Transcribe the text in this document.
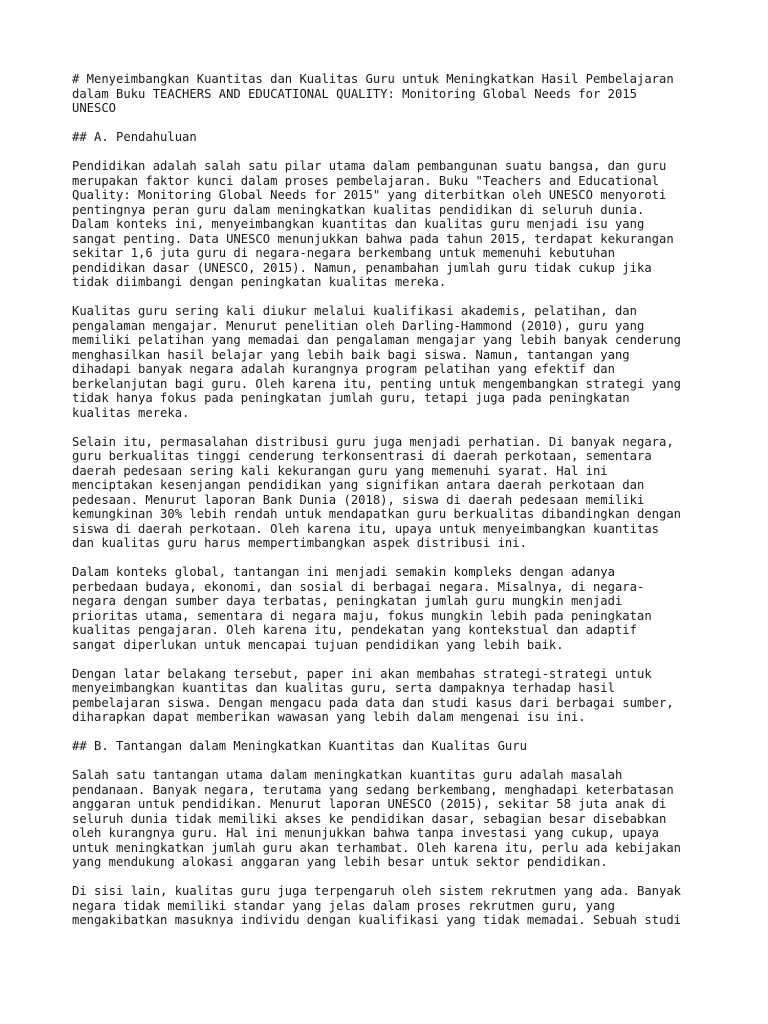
# Menyeimbangkan Kuantitas dan Kualitas Guru untuk Meningkatkan Hasil Pembelajaran
dalam Buku TEACHERS AND EDUCATIONAL QUALITY: Monitoring Global Needs for 2015
UNESCO

## A. Pendahuluan

Pendidikan adalah salah satu pilar utama dalam pembangunan suatu bangsa, dan guru
merupakan faktor kunci dalam proses pembelajaran. Buku "Teachers and Educational
Quality: Monitoring Global Needs for 2015" yang diterbitkan oleh UNESCO menyoroti
pentingnya peran guru dalam meningkatkan kualitas pendidikan di seluruh dunia.
Dalam konteks ini, menyeimbangkan kuantitas dan kualitas guru menjadi isu yang
sangat penting. Data UNESCO menunjukkan bahwa pada tahun 2015, terdapat kekurangan
sekitar 1,6 juta guru di negara-negara berkembang untuk memenuhi kebutuhan
pendidikan dasar (UNESCO, 2015). Namun, penambahan jumlah guru tidak cukup jika
tidak diimbangi dengan peningkatan kualitas mereka.

Kualitas guru sering kali diukur melalui kualifikasi akademis, pelatihan, dan
pengalaman mengajar. Menurut penelitian oleh Darling-Hammond (2010), guru yang
memiliki pelatihan yang memadai dan pengalaman mengajar yang lebih banyak cenderung
menghasilkan hasil belajar yang lebih baik bagi siswa. Namun, tantangan yang
dihadapi banyak negara adalah kurangnya program pelatihan yang efektif dan
berkelanjutan bagi guru. Oleh karena itu, penting untuk mengembangkan strategi yang
tidak hanya fokus pada peningkatan jumlah guru, tetapi juga pada peningkatan
kualitas mereka.

Selain itu, permasalahan distribusi guru juga menjadi perhatian. Di banyak negara,
guru berkualitas tinggi cenderung terkonsentrasi di daerah perkotaan, sementara
daerah pedesaan sering kali kekurangan guru yang memenuhi syarat. Hal ini
menciptakan kesenjangan pendidikan yang signifikan antara daerah perkotaan dan
pedesaan. Menurut laporan Bank Dunia (2018), siswa di daerah pedesaan memiliki
kemungkinan 30% lebih rendah untuk mendapatkan guru berkualitas dibandingkan dengan
siswa di daerah perkotaan. Oleh karena itu, upaya untuk menyeimbangkan kuantitas
dan kualitas guru harus mempertimbangkan aspek distribusi ini.

Dalam konteks global, tantangan ini menjadi semakin kompleks dengan adanya
perbedaan budaya, ekonomi, dan sosial di berbagai negara. Misalnya, di negara-
negara dengan sumber daya terbatas, peningkatan jumlah guru mungkin menjadi
prioritas utama, sementara di negara maju, fokus mungkin lebih pada peningkatan
kualitas pengajaran. Oleh karena itu, pendekatan yang kontekstual dan adaptif
sangat diperlukan untuk mencapai tujuan pendidikan yang lebih baik.

Dengan latar belakang tersebut, paper ini akan membahas strategi-strategi untuk
menyeimbangkan kuantitas dan kualitas guru, serta dampaknya terhadap hasil
pembelajaran siswa. Dengan mengacu pada data dan studi kasus dari berbagai sumber,
diharapkan dapat memberikan wawasan yang lebih dalam mengenai isu ini.

## B. Tantangan dalam Meningkatkan Kuantitas dan Kualitas Guru

Salah satu tantangan utama dalam meningkatkan kuantitas guru adalah masalah
pendanaan. Banyak negara, terutama yang sedang berkembang, menghadapi keterbatasan
anggaran untuk pendidikan. Menurut laporan UNESCO (2015), sekitar 58 juta anak di
seluruh dunia tidak memiliki akses ke pendidikan dasar, sebagian besar disebabkan
oleh kurangnya guru. Hal ini menunjukkan bahwa tanpa investasi yang cukup, upaya
untuk meningkatkan jumlah guru akan terhambat. Oleh karena itu, perlu ada kebijakan
yang mendukung alokasi anggaran yang lebih besar untuk sektor pendidikan.

Di sisi lain, kualitas guru juga terpengaruh oleh sistem rekrutmen yang ada. Banyak
negara tidak memiliki standar yang jelas dalam proses rekrutmen guru, yang
mengakibatkan masuknya individu dengan kualifikasi yang tidak memadai. Sebuah studi
